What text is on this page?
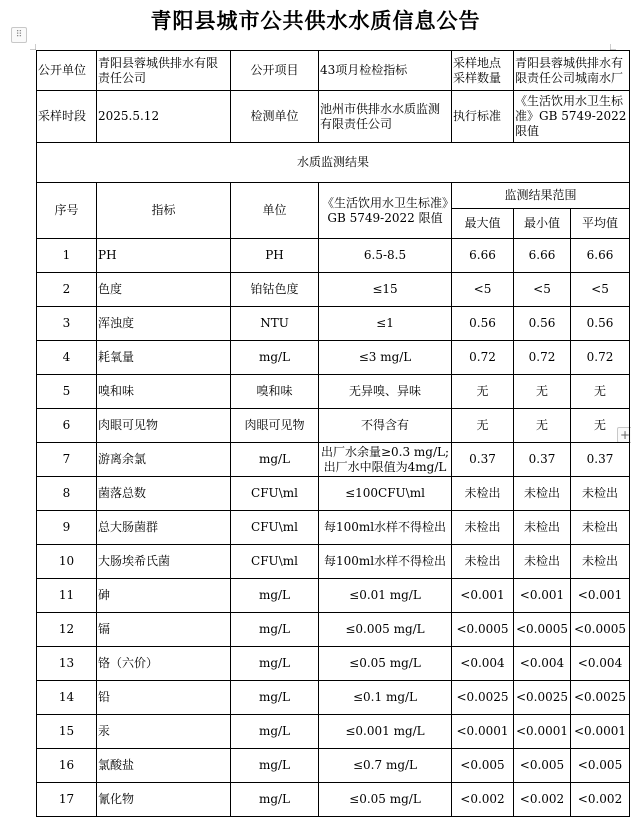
青阳县城市公共供水水质信息公告
⠿
+
公开单位	青阳县蓉城供排水有限责任公司	公开项目	43项月检检指标	采样地点采样数量	青阳县蓉城供排水有限责任公司城南水厂	
采样时段	2025.5.12	检测单位	池州市供排水水质监测有限责任公司	执行标准	《生活饮用水卫生标准》GB 5749-2022 限值	
水质监测结果						
序号	指标	单位	《生活饮用水卫生标准》GB 5749-2022 限值	监测结果范围		
				最大值	最小值	平均值
1	PH	PH	6.5-8.5	6.66	6.66	6.66
2	色度	铂钴色度	≤15	<5	<5	<5
3	浑浊度	NTU	≤1	0.56	0.56	0.56
4	耗氧量	mg/L	≤3 mg/L	0.72	0.72	0.72
5	嗅和味	嗅和味	无异嗅、异味	无	无	无
6	肉眼可见物	肉眼可见物	不得含有	无	无	无
7	游离余氯	mg/L	出厂水余量≥0.3 mg/L;出厂水中限值为4mg/L	0.37	0.37	0.37
8	菌落总数	CFU\ml	≤100CFU\ml	未检出	未检出	未检出
9	总大肠菌群	CFU\ml	每100ml水样不得检出	未检出	未检出	未检出
10	大肠埃希氏菌	CFU\ml	每100ml水样不得检出	未检出	未检出	未检出
11	砷	mg/L	≤0.01 mg/L	<0.001	<0.001	<0.001
12	镉	mg/L	≤0.005 mg/L	<0.0005	<0.0005	<0.0005
13	铬（六价）	mg/L	≤0.05 mg/L	<0.004	<0.004	<0.004
14	铅	mg/L	≤0.1 mg/L	<0.0025	<0.0025	<0.0025
15	汞	mg/L	≤0.001 mg/L	<0.0001	<0.0001	<0.0001
16	氯酸盐	mg/L	≤0.7 mg/L	<0.005	<0.005	<0.005
17	氰化物	mg/L	≤0.05 mg/L	<0.002	<0.002	<0.002
